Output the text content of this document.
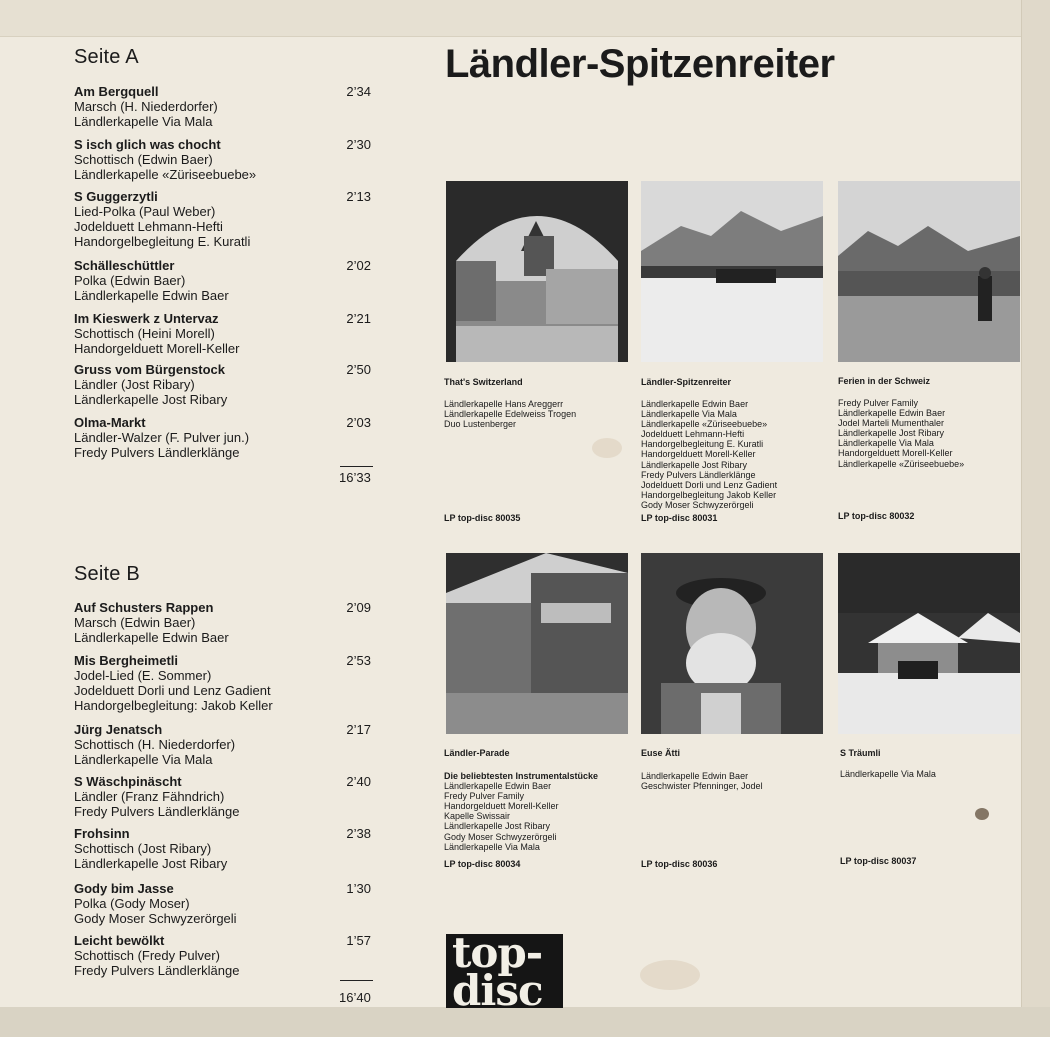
Ländler-Spitzenreiter
Seite A
Am Bergquell
Marsch (H. Niederdorfer)
Ländlerkapelle Via Mala
2’34
S isch glich was chocht
Schottisch (Edwin Baer)
Ländlerkapelle «Züriseebuebe»
2’30
S Guggerzytli
Lied-Polka (Paul Weber)
Jodelduett Lehmann-Hefti
Handorgelbegleitung E. Kuratli
2’13
Schälleschüttler
Polka (Edwin Baer)
Ländlerkapelle Edwin Baer
2’02
Im Kieswerk z Untervaz
Schottisch (Heini Morell)
Handorgelduett Morell-Keller
2’21
Gruss vom Bürgenstock
Ländler (Jost Ribary)
Ländlerkapelle Jost Ribary
2’50
Olma-Markt
Ländler-Walzer (F. Pulver jun.)
Fredy Pulvers Ländlerklänge
2’03
16’33
Seite B
Auf Schusters Rappen
Marsch (Edwin Baer)
Ländlerkapelle Edwin Baer
2’09
Mis Bergheimetli
Jodel-Lied (E. Sommer)
Jodelduett Dorli und Lenz Gadient
Handorgelbegleitung: Jakob Keller
2’53
Jürg Jenatsch
Schottisch (H. Niederdorfer)
Ländlerkapelle Via Mala
2’17
S Wäschpinäscht
Ländler (Franz Fähndrich)
Fredy Pulvers Ländlerklänge
2’40
Frohsinn
Schottisch (Jost Ribary)
Ländlerkapelle Jost Ribary
2’38
Gody bim Jasse
Polka (Gody Moser)
Gody Moser Schwyzerörgeli
1’30
Leicht bewölkt
Schottisch (Fredy Pulver)
Fredy Pulvers Ländlerklänge
1’57
16’40
That's Switzerland
Ländlerkapelle Hans Areggerr
Ländlerkapelle Edelweiss Trogen
Duo Lustenberger
LP top-disc 80035
Ländler-Spitzenreiter
Ländlerkapelle Edwin Baer
Ländlerkapelle Via Mala
Ländlerkapelle «Züriseebuebe»
Jodelduett Lehmann-Hefti
Handorgelbegleitung E. Kuratli
Handorgelduett Morell-Keller
Ländlerkapelle Jost Ribary
Fredy Pulvers Ländlerklänge
Jodelduett Dorli und Lenz Gadient
Handorgelbegleitung Jakob Keller
Gody Moser Schwyzerörgeli
LP top-disc 80031
Ferien in der Schweiz
Fredy Pulver Family
Ländlerkapelle Edwin Baer
Jodel Marteli Mumenthaler
Ländlerkapelle Jost Ribary
Ländlerkapelle Via Mala
Handorgelduett Morell-Keller
Ländlerkapelle «Züriseebuebe»
LP top-disc 80032
Ländler-Parade
Die beliebtesten Instrumentalstücke
Ländlerkapelle Edwin Baer
Fredy Pulver Family
Handorgelduett Morell-Keller
Kapelle Swissair
Ländlerkapelle Jost Ribary
Gody Moser Schwyzerörgeli
Ländlerkapelle Via Mala
LP top-disc 80034
Euse Ätti
Ländlerkapelle Edwin Baer
Geschwister Pfenninger, Jodel
LP top-disc 80036
S Träumli
Ländlerkapelle Via Mala
LP top-disc 80037
top-
disc
